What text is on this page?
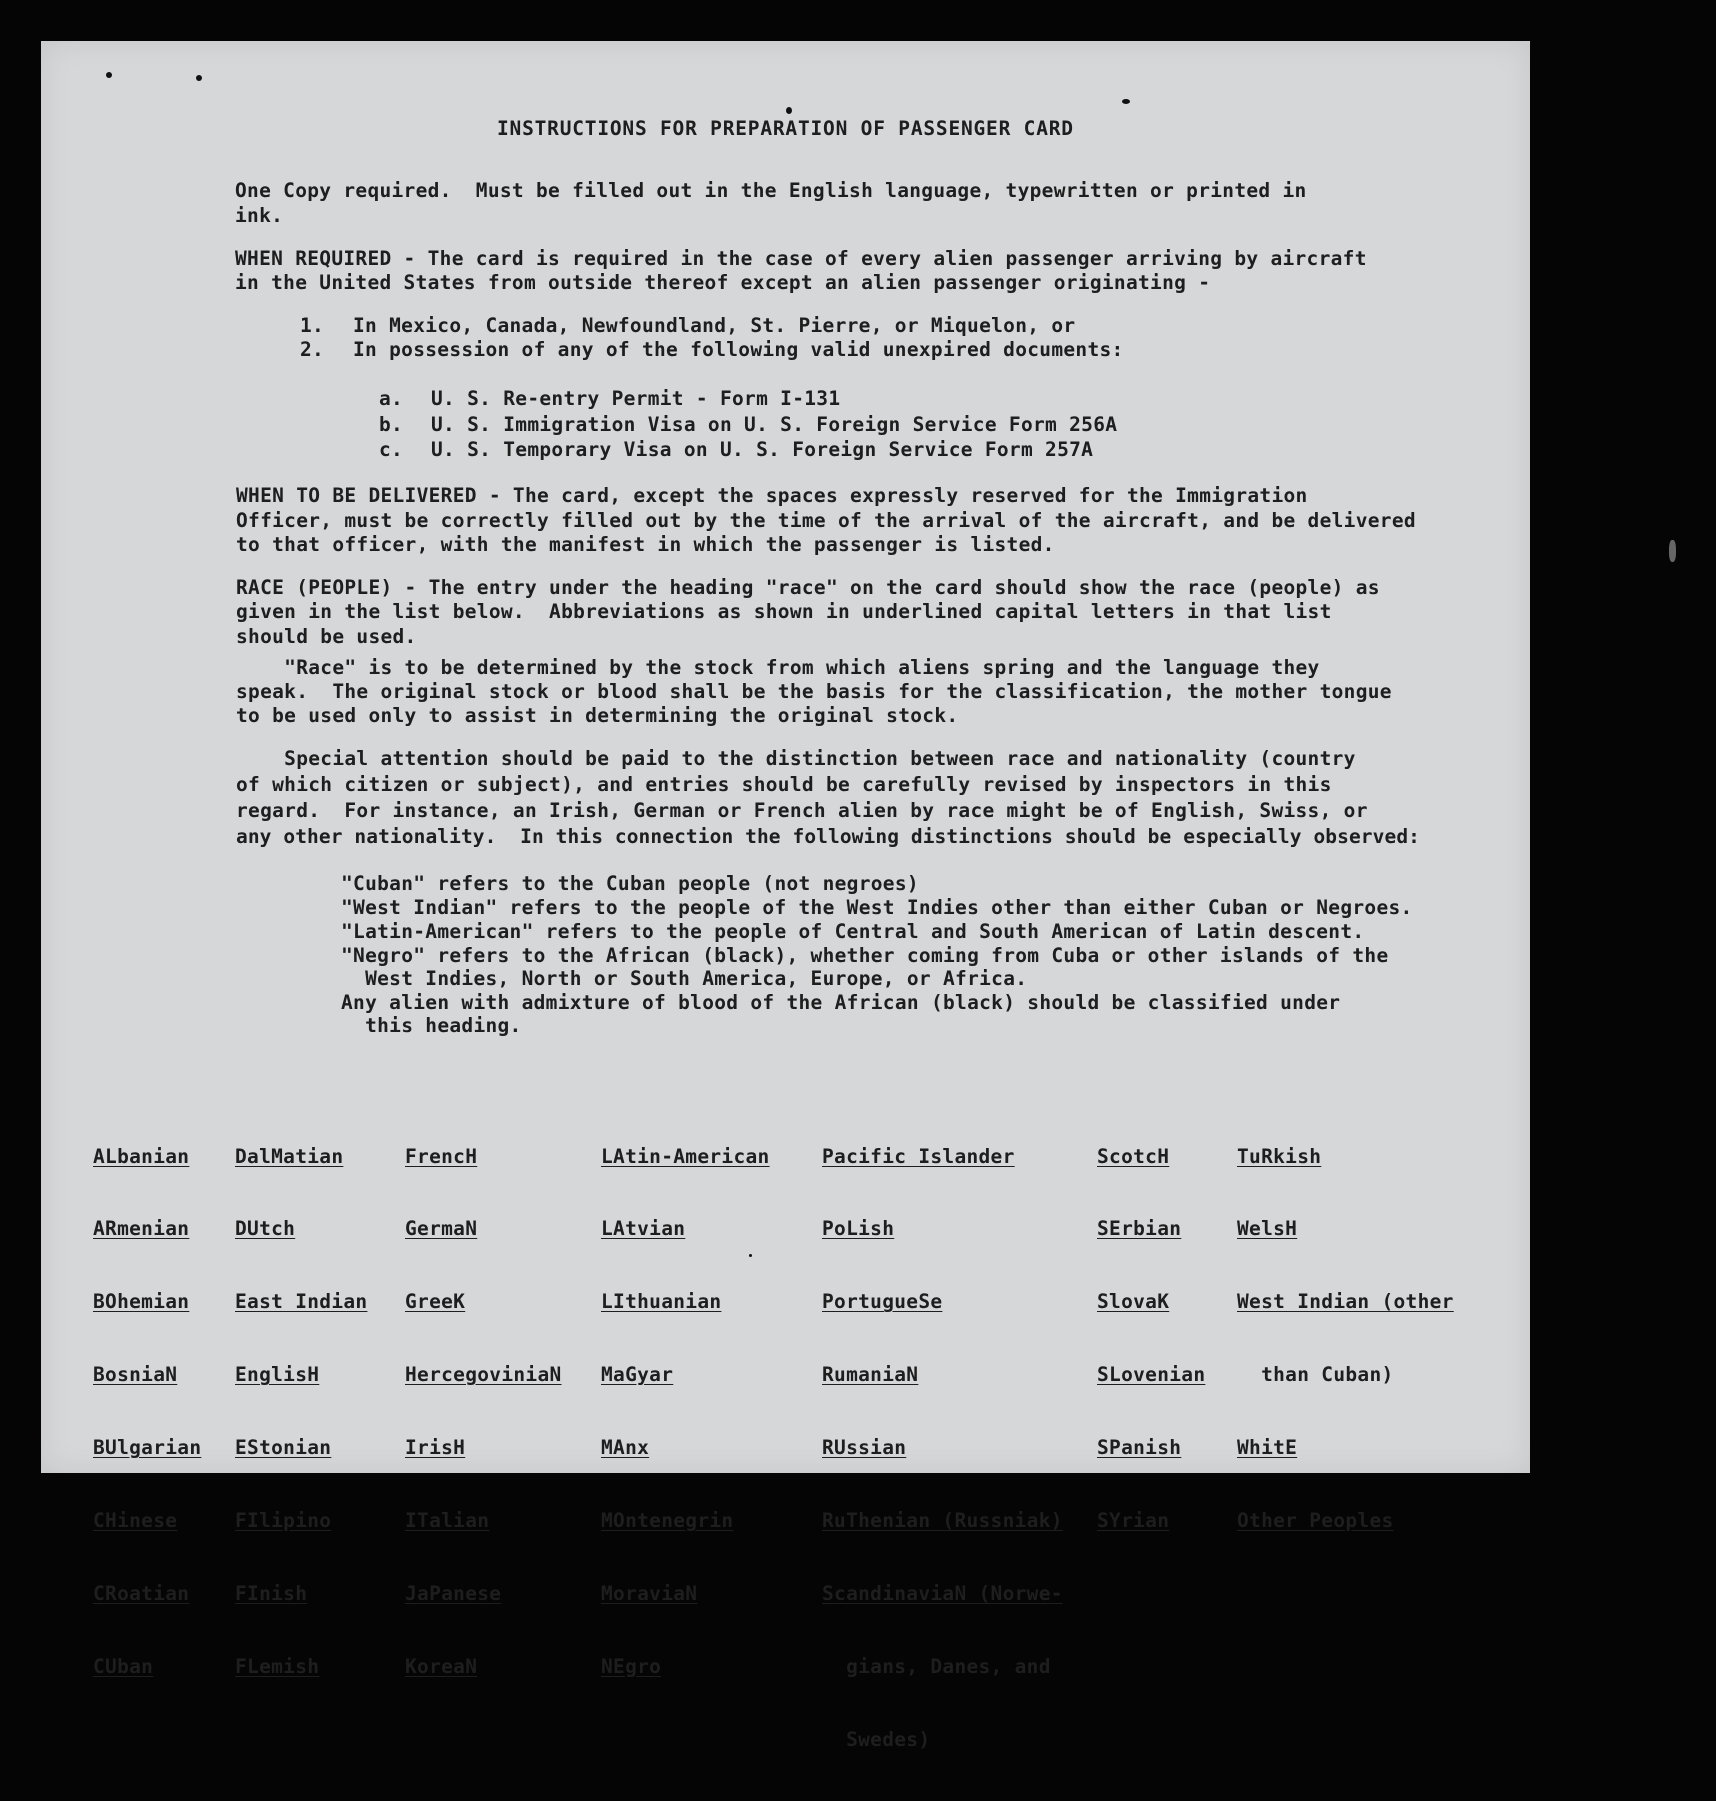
INSTRUCTIONS FOR PREPARATION OF PASSENGER CARD
One Copy required.  Must be filled out in the English language, typewritten or printed in
ink.
WHEN REQUIRED - The card is required in the case of every alien passenger arriving by aircraft
in the United States from outside thereof except an alien passenger originating -
1. In Mexico, Canada, Newfoundland, St. Pierre, or Miquelon, or
2. In possession of any of the following valid unexpired documents:
a. U. S. Re-entry Permit - Form I-131
b. U. S. Immigration Visa on U. S. Foreign Service Form 256A
c. U. S. Temporary Visa on U. S. Foreign Service Form 257A
WHEN TO BE DELIVERED - The card, except the spaces expressly reserved for the Immigration
Officer, must be correctly filled out by the time of the arrival of the aircraft, and be delivered
to that officer, with the manifest in which the passenger is listed.
RACE (PEOPLE) - The entry under the heading "race" on the card should show the race (people) as
given in the list below.  Abbreviations as shown in underlined capital letters in that list
should be used.
"Race" is to be determined by the stock from which aliens spring and the language they
speak.  The original stock or blood shall be the basis for the classification, the mother tongue
to be used only to assist in determining the original stock.
Special attention should be paid to the distinction between race and nationality (country
of which citizen or subject), and entries should be carefully revised by inspectors in this
regard.  For instance, an Irish, German or French alien by race might be of English, Swiss, or
any other nationality.  In this connection the following distinctions should be especially observed:
"Cuban" refers to the Cuban people (not negroes)
"West Indian" refers to the people of the West Indies other than either Cuban or Negroes.
"Latin-American" refers to the people of Central and South American of Latin descent.
"Negro" refers to the African (black), whether coming from Cuba or other islands of the
West Indies, North or South America, Europe, or Africa.
Any alien with admixture of blood of the African (black) should be classified under
this heading.

ALbanian

ARmenian

BOhemian

BosniaN

BUlgarian

CHinese

CRoatian

CUban

DalMatian

DUtch

East Indian

EnglisH

EStonian

FIlipino

FInish

FLemish

FrencH

GermaN

GreeK

HercegoviniaN

IrisH

ITalian

JaPanese

KoreaN

LAtin-American

LAtvian

LIthuanian

MaGyar

MAnx

MOntenegrin

MoraviaN

NEgro

Pacific Islander

PoLish

PortugueSe

RumaniaN

RUssian

RuThenian (Russniak)

ScandinaviaN (Norwe-

gians, Danes, and

Swedes)

ScotcH

SErbian

SlovaK

SLovenian

SPanish

SYrian

TuRkish

WelsH

West Indian (other

than Cuban)

WhitE

Other Peoples
